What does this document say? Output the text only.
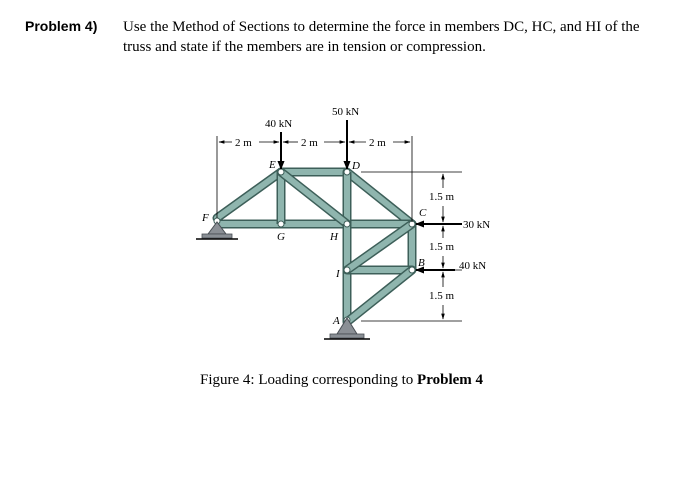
Problem 4) Use the Method of Sections to determine the force in members DC, HC, and HI of the truss and state if the members are in tension or compression.
F
E	D
C
G	H
B
I
A
40 kN
50 kN
30 kN
40 kN
2 m	2 m	2 m
1.5 m
1.5 m
1.5 m
Figure 4: Loading corresponding to Problem 4
